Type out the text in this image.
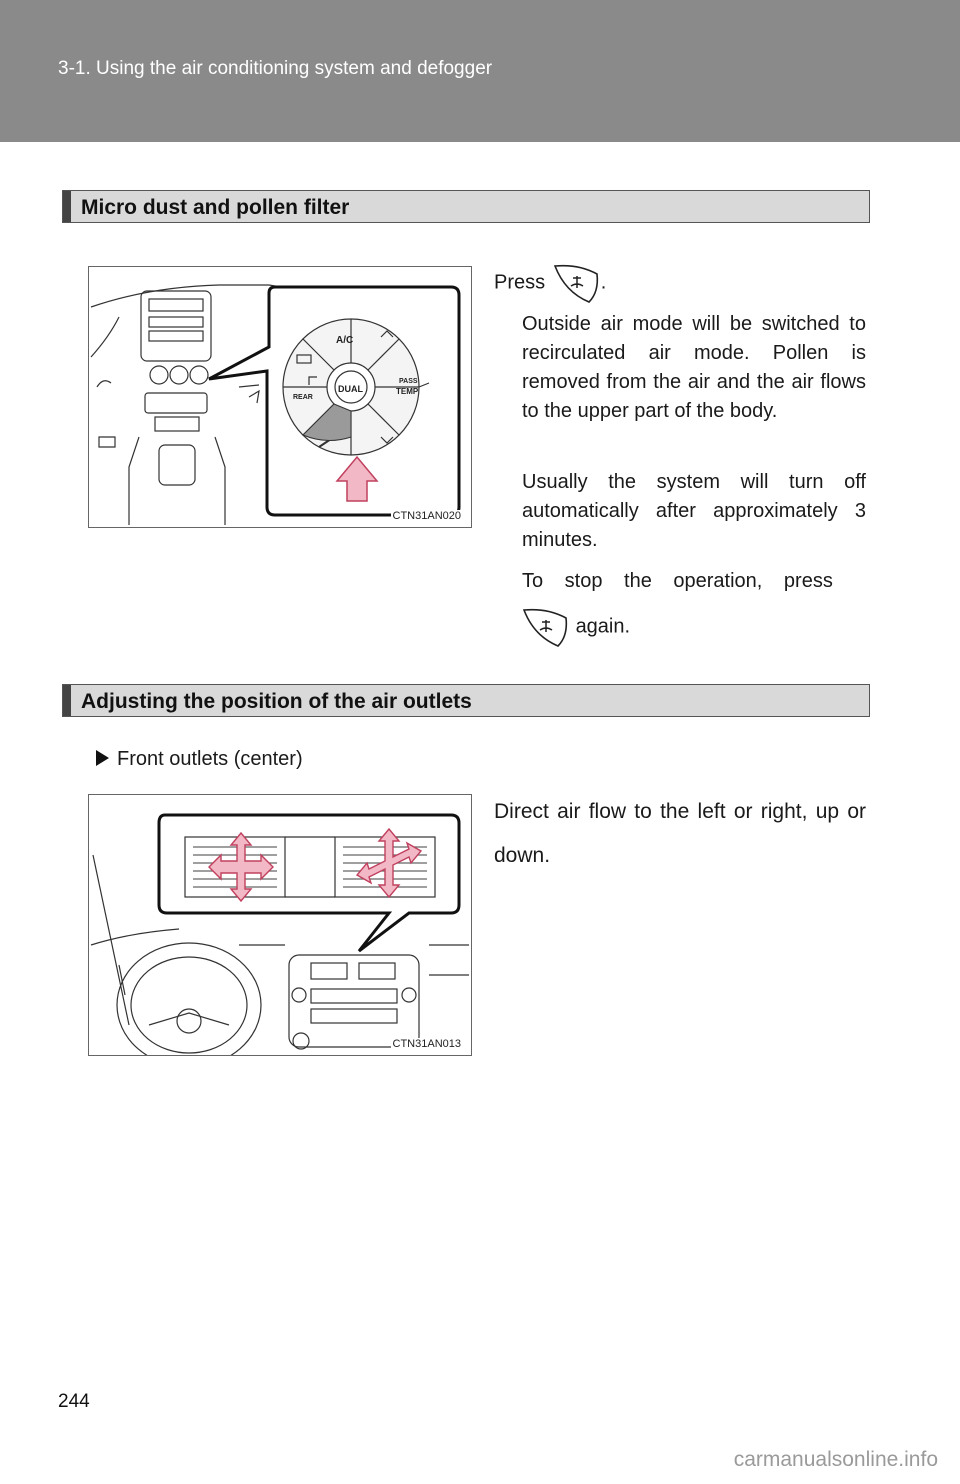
3-1. Using the air conditioning system and defogger
Micro dust and pollen filter
A/C
REAR
DUAL
PASS
TEMP
CTN31AN020
Press	.
Outside air mode will be switched to recirculated air mode. Pollen is removed from the air and the air flows to the upper part of the body.
Usually the system will turn off automatically after approximately 3 minutes.
To stop the operation, press
again.
Adjusting the position of the air outlets
Front outlets (center)
CTN31AN013
Direct air flow to the left or right, up or down.
244
carmanualsonline.info
